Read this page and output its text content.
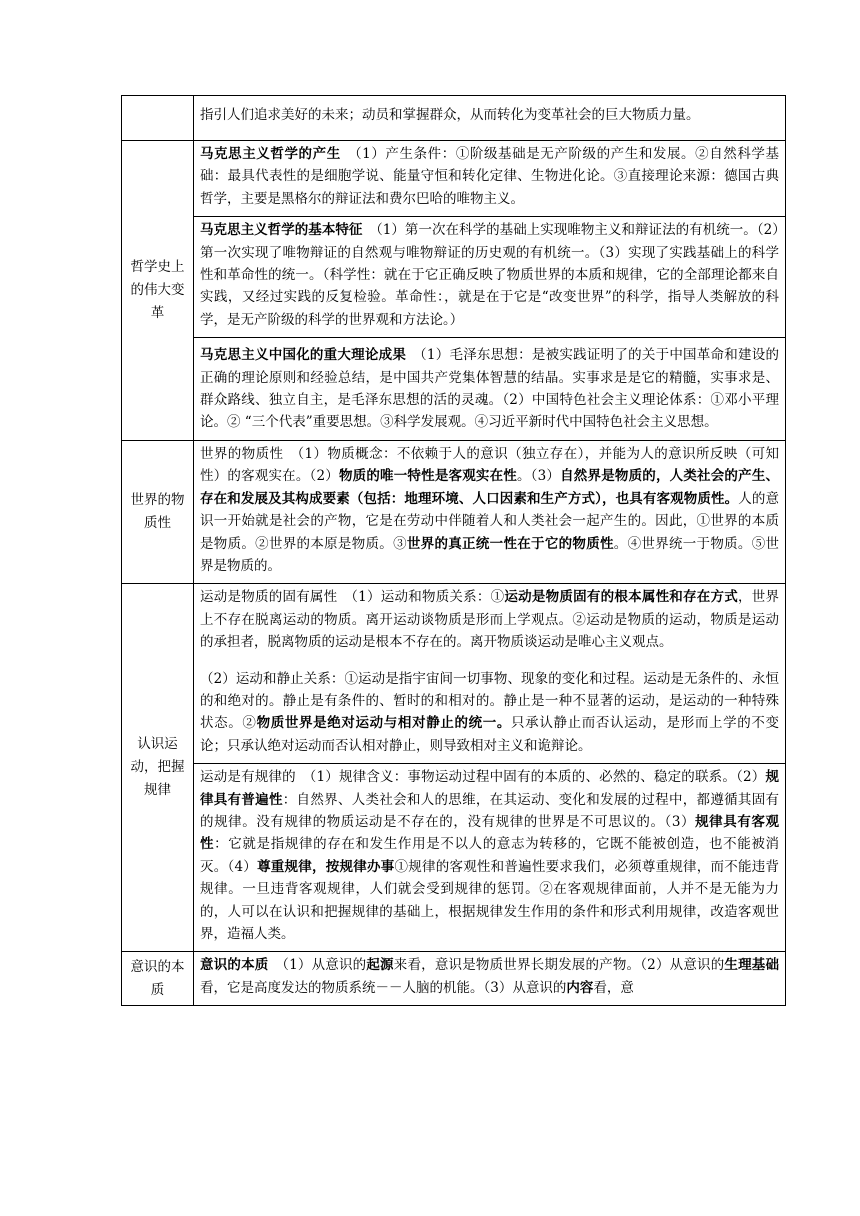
	指引人们追求美好的未来；动员和掌握群众，从而转化为变革社会的巨大物质力量。

哲学史上的伟大变革	马克思主义哲学的产生　（1）产生条件：①阶级基础是无产阶级的产生和发展。②自然科学基础：最具代表性的是细胞学说、能量守恒和转化定律、生物进化论。③直接理论来源：德国古典哲学，主要是黑格尔的辩证法和费尔巴哈的唯物主义。
马克思主义哲学的基本特征　（1）第一次在科学的基础上实现唯物主义和辩证法的有机统一。（2）第一次实现了唯物辩证的自然观与唯物辩证的历史观的有机统一。（3）实现了实践基础上的科学性和革命性的统一。（科学性：就在于它正确反映了物质世界的本质和规律，它的全部理论都来自实践，又经过实践的反复检验。革命性：，就是在于它是“改变世界”的科学，指导人类解放的科学，是无产阶级的科学的世界观和方法论。）
马克思主义中国化的重大理论成果　（1）毛泽东思想：是被实践证明了的关于中国革命和建设的正确的理论原则和经验总结，是中国共产党集体智慧的结晶。实事求是是它的精髓，实事求是、群众路线、独立自主，是毛泽东思想的活的灵魂。（2）中国特色社会主义理论体系：①邓小平理论。② “三个代表”重要思想。③科学发展观。④习近平新时代中国特色社会主义思想。

世界的物质性	世界的物质性　（1）物质概念：不依赖于人的意识（独立存在），并能为人的意识所反映（可知性）的客观实在。（2）物质的唯一特性是客观实在性。（3）自然界是物质的，人类社会的产生、存在和发展及其构成要素（包括：地理环境、人口因素和生产方式），也具有客观物质性。人的意识一开始就是社会的产物，它是在劳动中伴随着人和人类社会一起产生的。因此，①世界的本质是物质。②世界的本原是物质。③世界的真正统一性在于它的物质性。④世界统一于物质。⑤世界是物质的。

认识运动，把握规律	运动是物质的固有属性　（1）运动和物质关系：①运动是物质固有的根本属性和存在方式，世界上不存在脱离运动的物质。离开运动谈物质是形而上学观点。②运动是物质的运动，物质是运动的承担者，脱离物质的运动是根本不存在的。离开物质谈运动是唯心主义观点。
（2）运动和静止关系：①运动是指宇宙间一切事物、现象的变化和过程。运动是无条件的、永恒的和绝对的。静止是有条件的、暂时的和相对的。静止是一种不显著的运动，是运动的一种特殊状态。②物质世界是绝对运动与相对静止的统一。只承认静止而否认运动，是形而上学的不变论；只承认绝对运动而否认相对静止，则导致相对主义和诡辩论。
运动是有规律的　（1）规律含义：事物运动过程中固有的本质的、必然的、稳定的联系。（2）规律具有普遍性：自然界、人类社会和人的思维，在其运动、变化和发展的过程中，都遵循其固有的规律。没有规律的物质运动是不存在的，没有规律的世界是不可思议的。（3）规律具有客观性：它就是指规律的存在和发生作用是不以人的意志为转移的，它既不能被创造，也不能被消灭。（4）尊重规律，按规律办事①规律的客观性和普遍性要求我们，必须尊重规律，而不能违背规律。一旦违背客观规律，人们就会受到规律的惩罚。②在客观规律面前，人并不是无能为力的，人可以在认识和把握规律的基础上，根据规律发生作用的条件和形式利用规律，改造客观世界，造福人类。

意识的本质	意识的本质　（1）从意识的起源来看，意识是物质世界长期发展的产物。（2）从意识的生理基础看，它是高度发达的物质系统－－人脑的机能。（3）从意识的内容看，意
